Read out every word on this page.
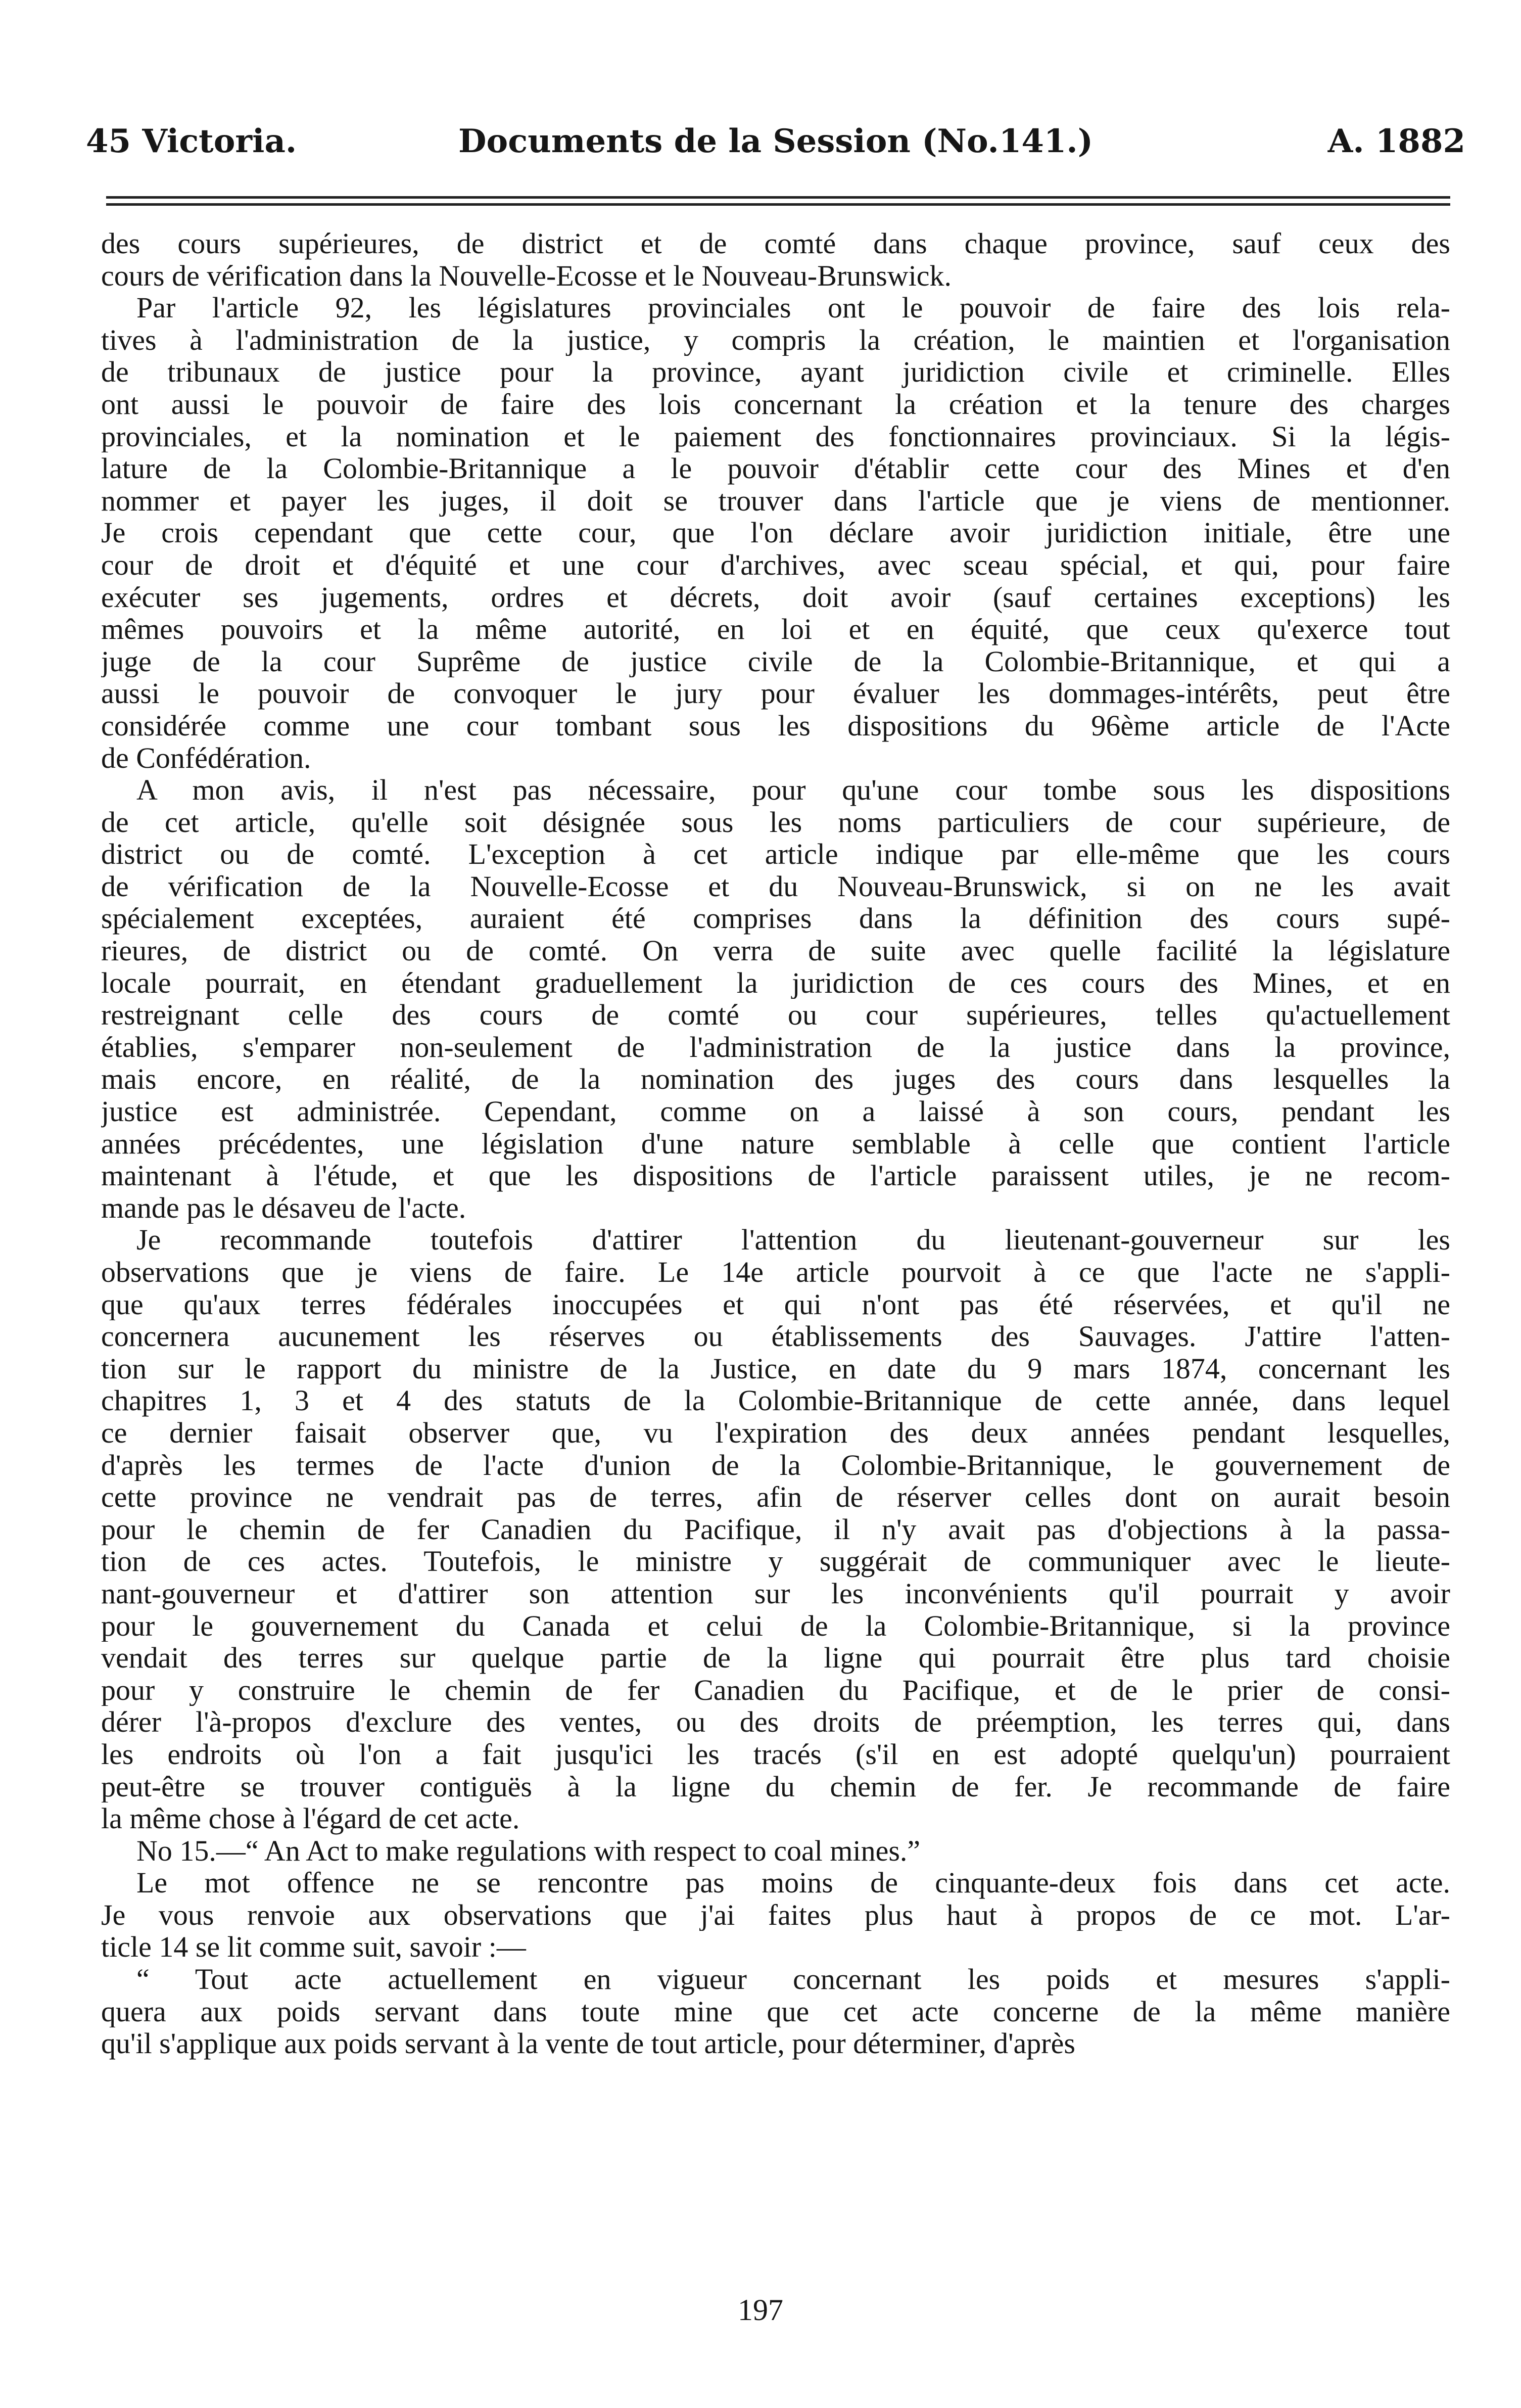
45 Victoria.	Documents de la Session (No.141.)	A. 1882
des cours supérieures, de district et de comté dans chaque province, sauf ceux des
cours de vérification dans la Nouvelle-Ecosse et le Nouveau-Brunswick.
Par l'article 92, les législatures provinciales ont le pouvoir de faire des lois rela-
tives à l'administration de la justice, y compris la création, le maintien et l'organisation
de tribunaux de justice pour la province, ayant juridiction civile et criminelle. Elles
ont aussi le pouvoir de faire des lois concernant la création et la tenure des charges
provinciales, et la nomination et le paiement des fonctionnaires provinciaux. Si la légis-
lature de la Colombie-Britannique a le pouvoir d'établir cette cour des Mines et d'en
nommer et payer les juges, il doit se trouver dans l'article que je viens de mentionner.
Je crois cependant que cette cour, que l'on déclare avoir juridiction initiale, être une
cour de droit et d'équité et une cour d'archives, avec sceau spécial, et qui, pour faire
exécuter ses jugements, ordres et décrets, doit avoir (sauf certaines exceptions) les
mêmes pouvoirs et la même autorité, en loi et en équité, que ceux qu'exerce tout
juge de la cour Suprême de justice civile de la Colombie-Britannique, et qui a
aussi le pouvoir de convoquer le jury pour évaluer les dommages-intérêts, peut être
considérée comme une cour tombant sous les dispositions du 96ème article de l'Acte
de Confédération.
A mon avis, il n'est pas nécessaire, pour qu'une cour tombe sous les dispositions
de cet article, qu'elle soit désignée sous les noms particuliers de cour supérieure, de
district ou de comté. L'exception à cet article indique par elle-même que les cours
de vérification de la Nouvelle-Ecosse et du Nouveau-Brunswick, si on ne les avait
spécialement exceptées, auraient été comprises dans la définition des cours supé-
rieures, de district ou de comté. On verra de suite avec quelle facilité la législature
locale pourrait, en étendant graduellement la juridiction de ces cours des Mines, et en
restreignant celle des cours de comté ou cour supérieures, telles qu'actuellement
établies, s'emparer non-seulement de l'administration de la justice dans la province,
mais encore, en réalité, de la nomination des juges des cours dans lesquelles la
justice est administrée. Cependant, comme on a laissé à son cours, pendant les
années précédentes, une législation d'une nature semblable à celle que contient l'article
maintenant à l'étude, et que les dispositions de l'article paraissent utiles, je ne recom-
mande pas le désaveu de l'acte.
Je recommande toutefois d'attirer l'attention du lieutenant-gouverneur sur les
observations que je viens de faire. Le 14e article pourvoit à ce que l'acte ne s'appli-
que qu'aux terres fédérales inoccupées et qui n'ont pas été réservées, et qu'il ne
concernera aucunement les réserves ou établissements des Sauvages. J'attire l'atten-
tion sur le rapport du ministre de la Justice, en date du 9 mars 1874, concernant les
chapitres 1, 3 et 4 des statuts de la Colombie-Britannique de cette année, dans lequel
ce dernier faisait observer que, vu l'expiration des deux années pendant lesquelles,
d'après les termes de l'acte d'union de la Colombie-Britannique, le gouvernement de
cette province ne vendrait pas de terres, afin de réserver celles dont on aurait besoin
pour le chemin de fer Canadien du Pacifique, il n'y avait pas d'objections à la passa-
tion de ces actes. Toutefois, le ministre y suggérait de communiquer avec le lieute-
nant-gouverneur et d'attirer son attention sur les inconvénients qu'il pourrait y avoir
pour le gouvernement du Canada et celui de la Colombie-Britannique, si la province
vendait des terres sur quelque partie de la ligne qui pourrait être plus tard choisie
pour y construire le chemin de fer Canadien du Pacifique, et de le prier de consi-
dérer l'à-propos d'exclure des ventes, ou des droits de préemption, les terres qui, dans
les endroits où l'on a fait jusqu'ici les tracés (s'il en est adopté quelqu'un) pourraient
peut-être se trouver contiguës à la ligne du chemin de fer. Je recommande de faire
la même chose à l'égard de cet acte.
No 15.—“ An Act to make regulations with respect to coal mines.”
Le mot offence ne se rencontre pas moins de cinquante-deux fois dans cet acte.
Je vous renvoie aux observations que j'ai faites plus haut à propos de ce mot. L'ar-
ticle 14 se lit comme suit, savoir :—
“ Tout acte actuellement en vigueur concernant les poids et mesures s'appli-
quera aux poids servant dans toute mine que cet acte concerne de la même manière
qu'il s'applique aux poids servant à la vente de tout article, pour déterminer, d'après
197
